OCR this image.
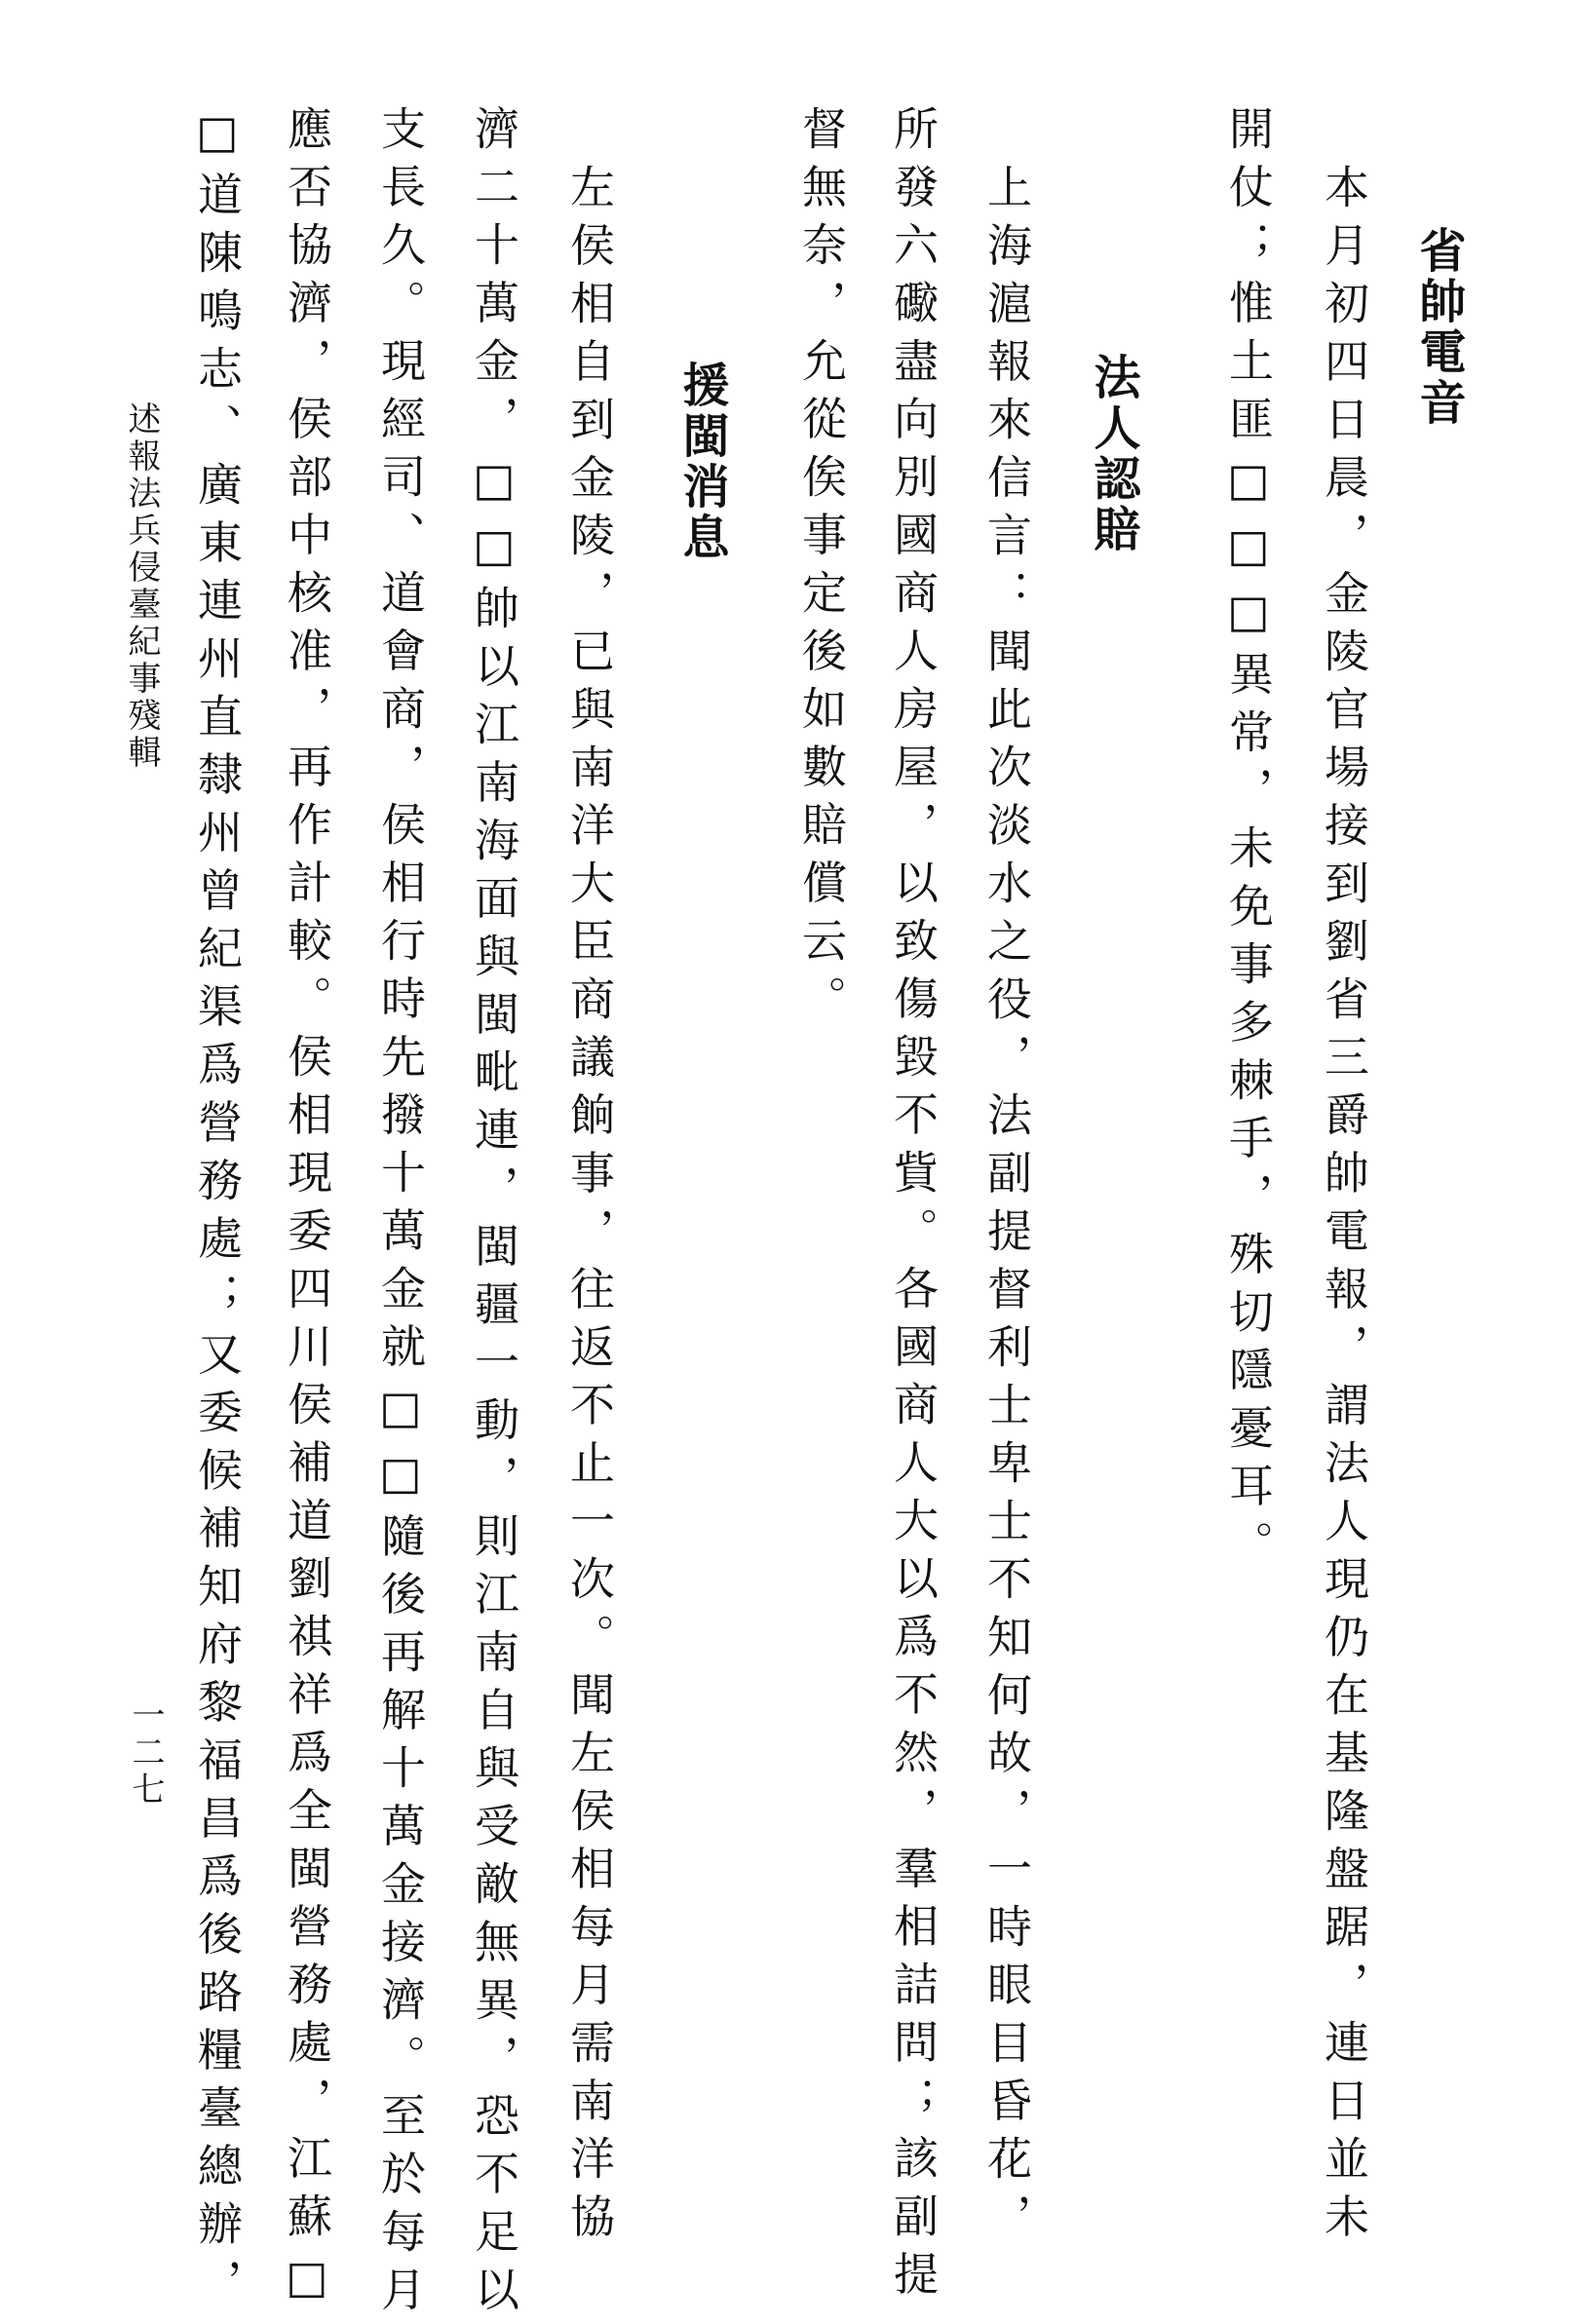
省帥電音
本月初四日晨，金陵官場接到劉省三爵帥電報，謂法人現仍在基隆盤踞，連日並未
開仗；惟土匪□□□異常，未免事多棘手，殊切隱憂耳。
法人認賠
上海滬報來信言：聞此次淡水之役，法副提督利士卑士不知何故，一時眼目昏花，
所發六礮盡向別國商人房屋，以致傷毀不貲。各國商人大以爲不然，羣相詰問；該副提
督無奈，允從俟事定後如數賠償云。
援閩消息
左侯相自到金陵，已與南洋大臣商議餉事，往返不止一次。聞左侯相每月需南洋協
濟二十萬金，□□帥以江南海面與閩毗連，閩疆一動，則江南自與受敵無異，恐不足以
支長久。現經司、道會商，侯相行時先撥十萬金就□□隨後再解十萬金接濟。至於每月
應否協濟，侯部中核准，再作計較。侯相現委四川侯補道劉祺祥爲全閩營務處，江蘇□
□道陳鳴志、廣東連州直隸州曾紀渠爲營務處；又委候補知府黎福昌爲後路糧臺總辦，
述報法兵侵臺紀事殘輯
一二七
